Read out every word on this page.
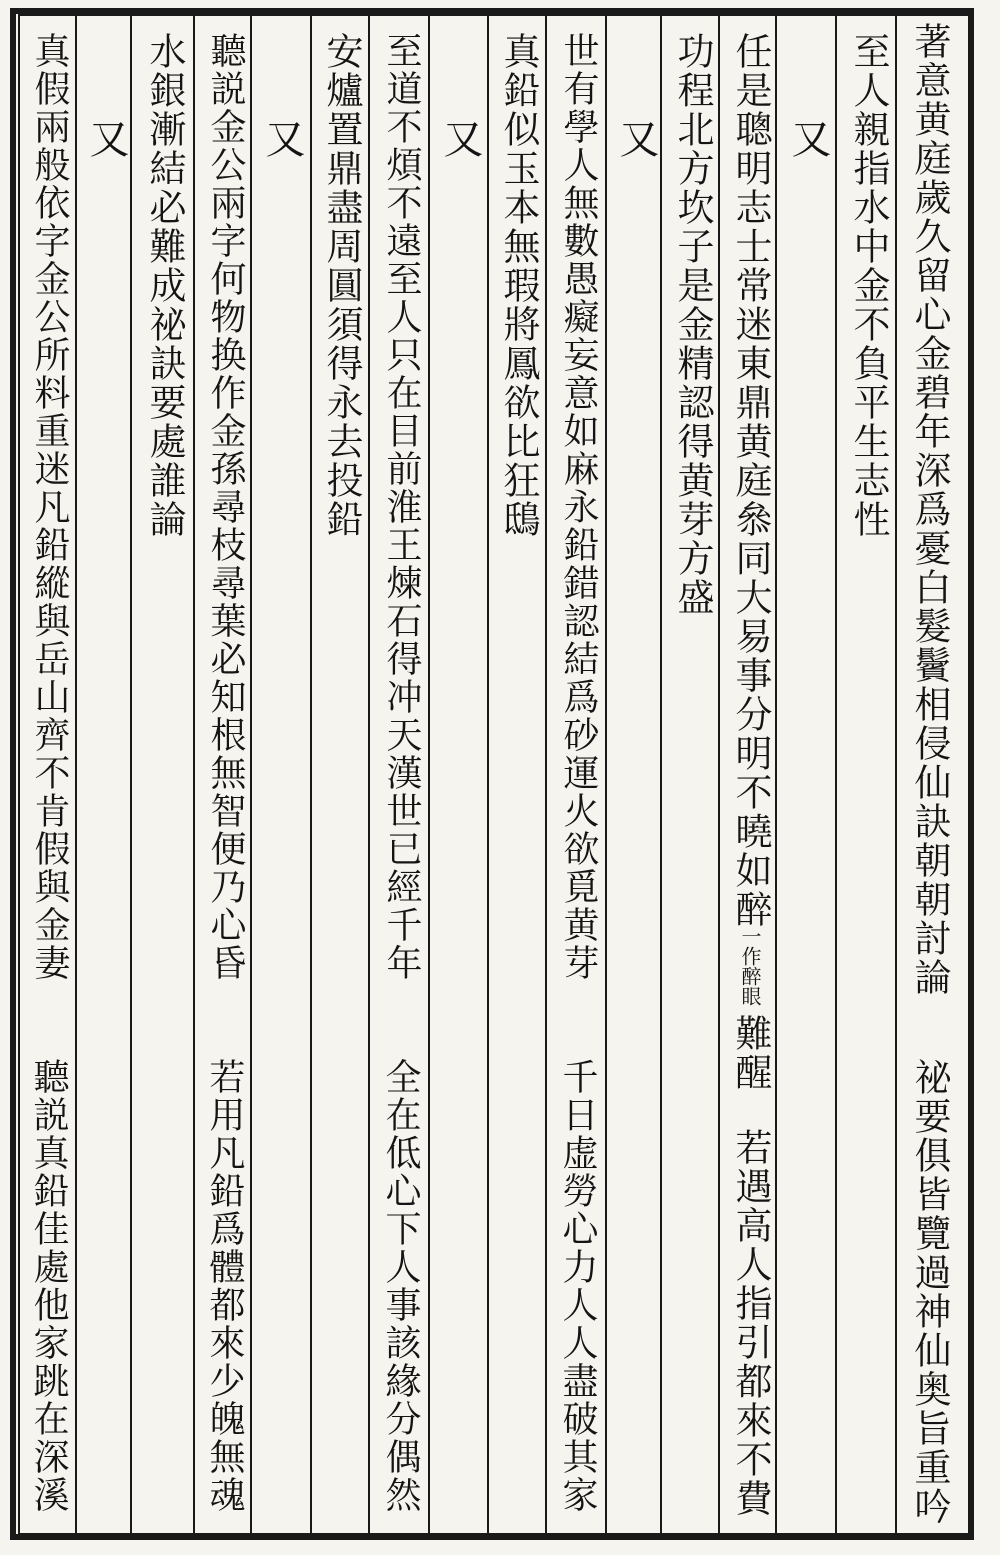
著意黄庭歲久留心金碧年深爲憂白髮鬢相侵仙訣朝朝討論
祕要俱皆覽過神仙奥旨重吟
至人親指水中金不負平生志性
又
任是聰明志士常迷東鼎黄庭叅同大易事分明不曉如醉
一作醉眼
難醒
若遇高人指引都來不費
功程北方坎子是金精認得黄芽方盛
又
世有學人無數愚癡妄意如麻永鉛錯認結爲砂運火欲覓黄芽
千日虚勞心力人人盡破其家
真鉛似玉本無瑕將鳳欲比狂鴟
又
至道不煩不遠至人只在目前淮王煉石得冲天漢世已經千年
全在低心下人事該緣分偶然
安爐置鼎盡周圓須得永去投鉛
又
聽説金公兩字何物换作金孫尋枝尋葉必知根無智便乃心昏
若用凡鉛爲體都來少魄無魂
水銀漸結必難成祕訣要處誰論
又
真假兩般依字金公所料重迷凡鉛縱與岳山齊不肯假與金妻
聽説真鉛佳處他家跳在深溪
